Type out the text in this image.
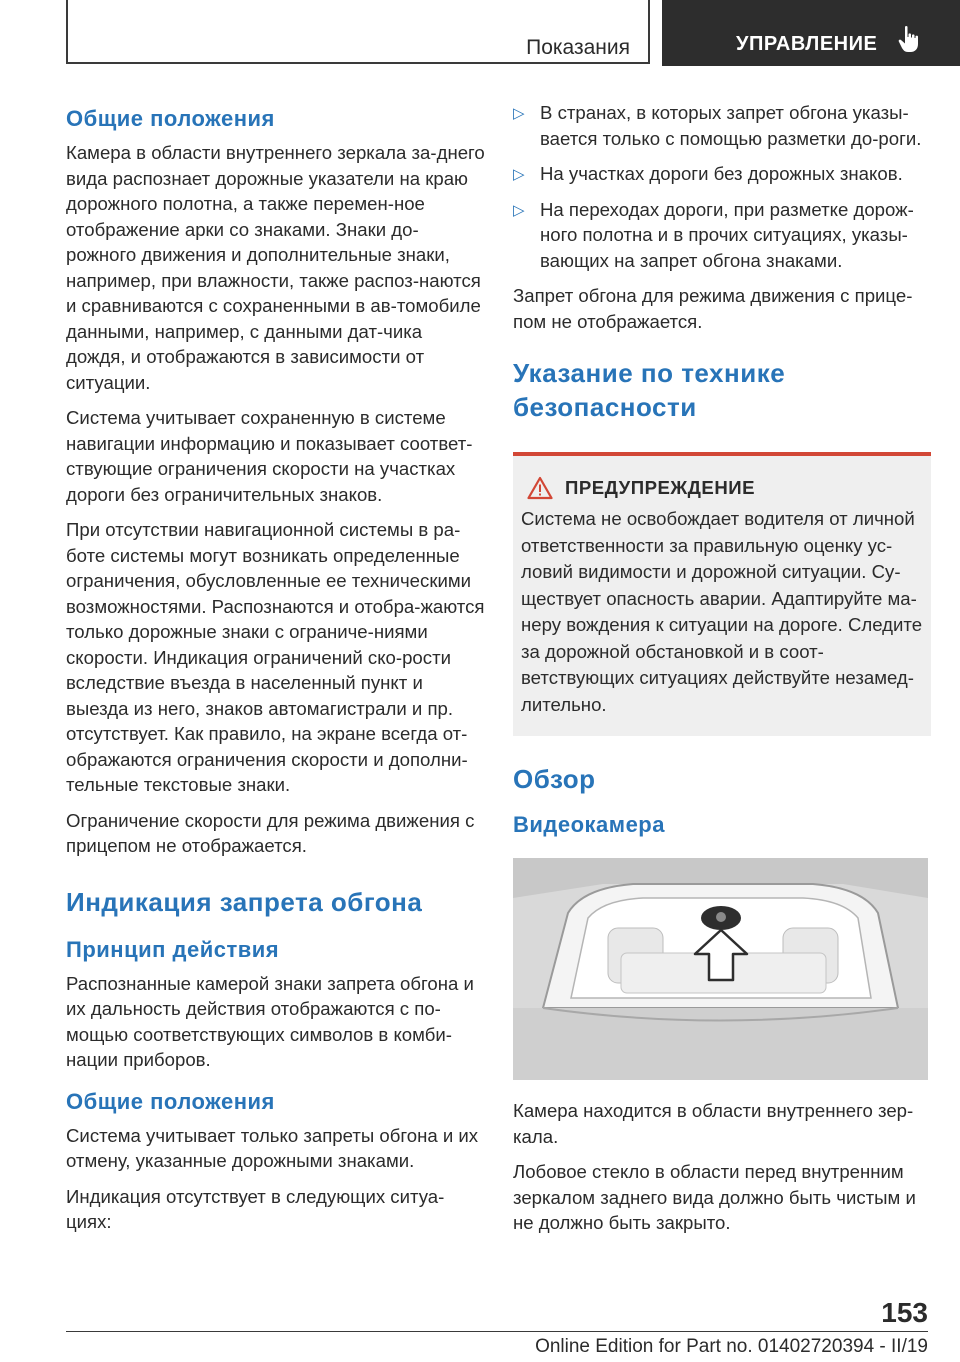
Показания	УПРАВЛЕНИЕ
Общие положения

Камера в области внутреннего зеркала за-днего вида распознает дорожные указатели на краю дорожного полотна, а также перемен-ное отображение арки со знаками. Знаки до-рожного движения и дополнительные знаки, например, при влажности, также распоз-наются и сравниваются с сохраненными в ав-томобиле данными, например, с данными дат-чика дождя, и отображаются в зависимости от ситуации.

Система учитывает сохраненную в системе навигации информацию и показывает соответ-ствующие ограничения скорости на участках дороги без ограничительных знаков.

При отсутствии навигационной системы в ра-боте системы могут возникать определенные ограничения, обусловленные ее техническими возможностями. Распознаются и отобра-жаются только дорожные знаки с ограниче-ниями скорости. Индикация ограничений ско-рости вследствие въезда в населенный пункт и выезда из него, знаков автомагистрали и пр. отсутствует. Как правило, на экране всегда от-ображаются ограничения скорости и дополни-тельные текстовые знаки.

Ограничение скорости для режима движения с прицепом не отображается.

Индикация запрета обгона
Принцип действия

Распознанные камерой знаки запрета обгона и их дальность действия отображаются с по-мощью соответствующих символов в комби-нации приборов.

Общие положения

Система учитывает только запреты обгона и их отмену, указанные дорожными знаками.

Индикация отсутствует в следующих ситуа-циях:

▷ В странах, в которых запрет обгона указы-вается только с помощью разметки до-роги.
▷ На участках дороги без дорожных знаков.
▷ На переходах дороги, при разметке дорож-ного полотна и в прочих ситуациях, указы-вающих на запрет обгона знаками.

Запрет обгона для режима движения с прице-пом не отображается.

Указание по технике безопасности
ПРЕДУПРЕЖДЕНИЕ

Система не освобождает водителя от личной ответственности за правильную оценку ус-ловий видимости и дорожной ситуации. Су-ществует опасность аварии. Адаптируйте ма-неру вождения к ситуации на дороге. Следите за дорожной обстановкой и в соот-ветствующих ситуациях действуйте незамед-лительно.

Обзор
Видеокамера

Камера находится в области внутреннего зер-кала.

Лобовое стекло в области перед внутренним зеркалом заднего вида должно быть чистым и не должно быть закрыто.

153
Online Edition for Part no. 01402720394 - II/19
